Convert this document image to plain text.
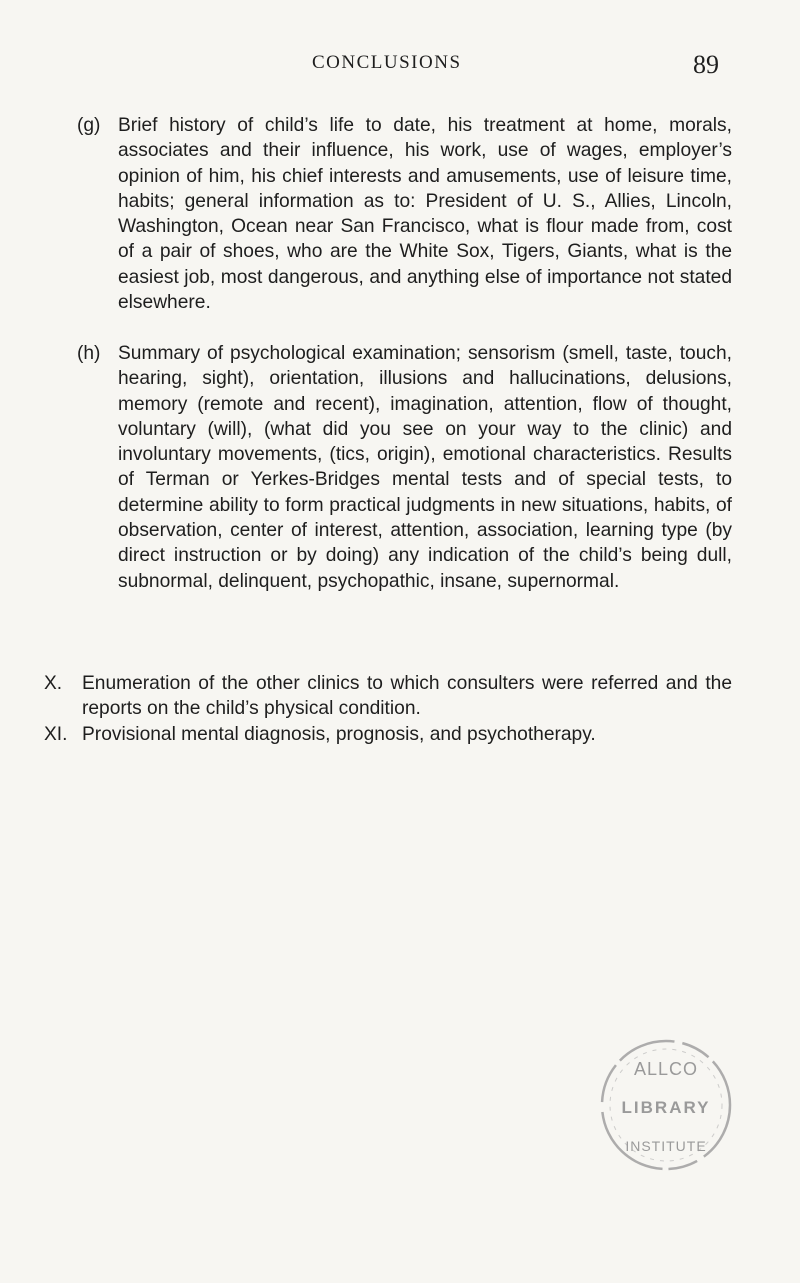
CONCLUSIONS	89
(g) Brief history of child’s life to date, his treatment at home, morals, associates and their influence, his work, use of wages, employer’s opinion of him, his chief interests and amusements, use of leisure time, habits; general information as to: President of U. S., Allies, Lincoln, Washington, Ocean near San Francisco, what is flour made from, cost of a pair of shoes, who are the White Sox, Tigers, Giants, what is the easiest job, most dangerous, and anything else of importance not stated elsewhere.
(h) Summary of psychological examination; sensorism (smell, taste, touch, hearing, sight), orientation, illusions and hallucinations, delusions, memory (remote and recent), imagination, attention, flow of thought, voluntary (will), (what did you see on your way to the clinic) and involuntary movements, (tics, origin), emotional characteristics. Results of Terman or Yerkes-Bridges mental tests and of special tests, to determine ability to form practical judgments in new situations, habits, of observation, center of interest, attention, association, learning type (by direct instruction or by doing) any indication of the child’s being dull, subnormal, delinquent, psychopathic, insane, supernormal.
X. Enumeration of the other clinics to which consulters were referred and the reports on the child’s physical condition.
XI. Provisional mental diagnosis, prognosis, and psychotherapy.
ALLCO
LIBRARY
INSTITUTE
